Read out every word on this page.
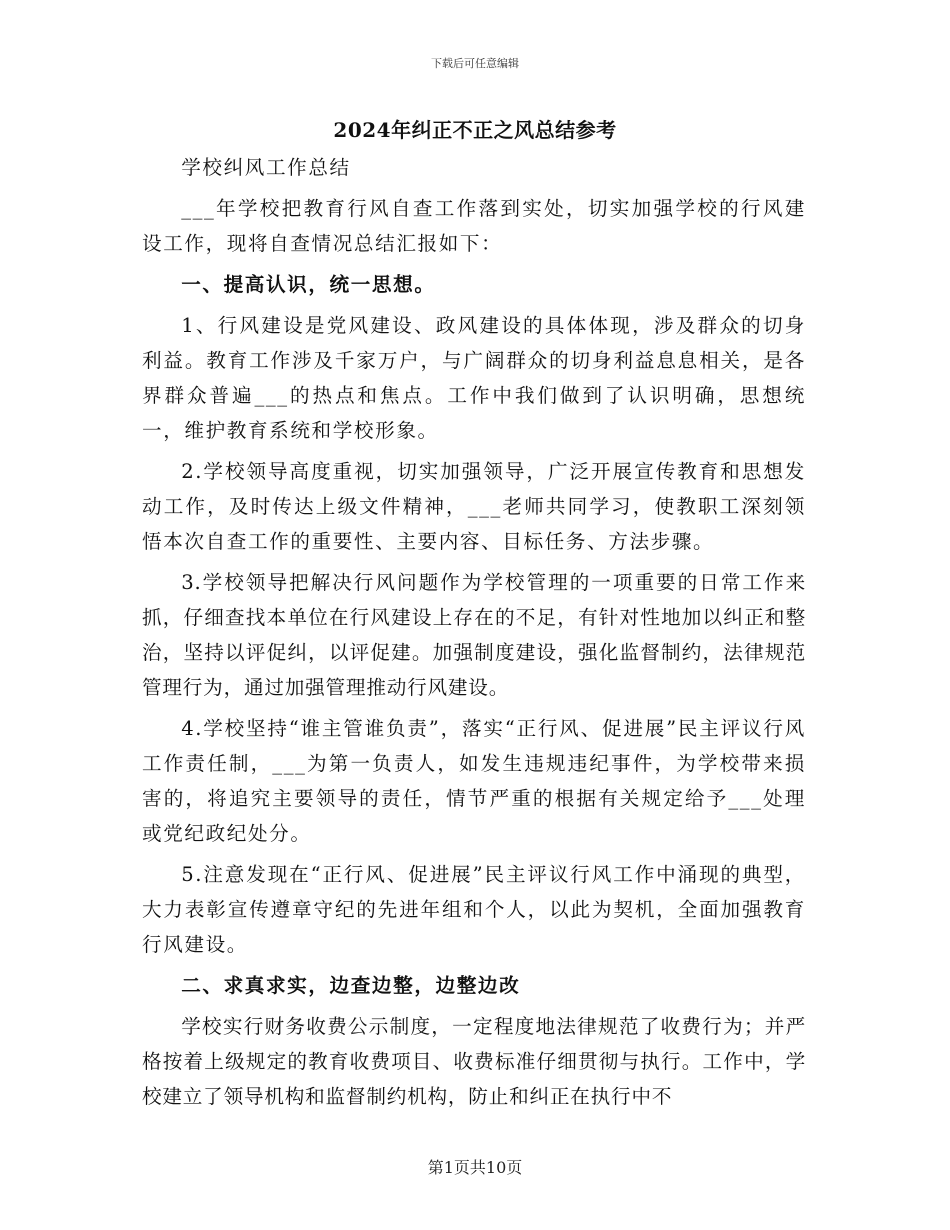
下载后可任意编辑
2024年纠正不正之风总结参考

学校纠风工作总结

___年学校把教育行风自查工作落到实处，切实加强学校的行风建设工作，现将自查情况总结汇报如下：

一、提高认识，统一思想。

1、行风建设是党风建设、政风建设的具体体现，涉及群众的切身利益。教育工作涉及千家万户，与广阔群众的切身利益息息相关，是各界群众普遍___的热点和焦点。工作中我们做到了认识明确，思想统一，维护教育系统和学校形象。

2.学校领导高度重视，切实加强领导，广泛开展宣传教育和思想发动工作，及时传达上级文件精神，___老师共同学习，使教职工深刻领悟本次自查工作的重要性、主要内容、目标任务、方法步骤。

3.学校领导把解决行风问题作为学校管理的一项重要的日常工作来抓，仔细查找本单位在行风建设上存在的不足，有针对性地加以纠正和整治，坚持以评促纠，以评促建。加强制度建设，强化监督制约，法律规范管理行为，通过加强管理推动行风建设。

4.学校坚持“谁主管谁负责”，落实“正行风、促进展”民主评议行风工作责任制，___为第一负责人，如发生违规违纪事件，为学校带来损害的，将追究主要领导的责任，情节严重的根据有关规定给予___处理或党纪政纪处分。

5.注意发现在“正行风、促进展”民主评议行风工作中涌现的典型，大力表彰宣传遵章守纪的先进年组和个人，以此为契机，全面加强教育行风建设。

二、求真求实，边查边整，边整边改

学校实行财务收费公示制度，一定程度地法律规范了收费行为；并严格按着上级规定的教育收费项目、收费标准仔细贯彻与执行。工作中，学校建立了领导机构和监督制约机构，防止和纠正在执行中不

第1页共10页
